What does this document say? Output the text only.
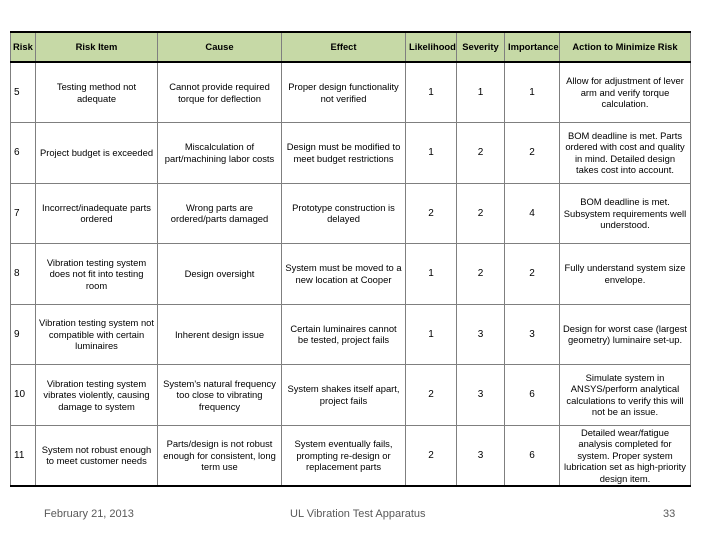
Risk	Risk Item	Cause	Effect	Likelihood	Severity	Importance	Action to Minimize Risk
5	Testing method not adequate	Cannot provide required torque for deflection	Proper design functionality not verified	1	1	1	Allow for adjustment of lever arm and verify torque calculation.
6	Project budget is exceeded	Miscalculation of part/machining labor costs	Design must be modified to meet budget restrictions	1	2	2	BOM deadline is met. Parts ordered with cost and quality in mind. Detailed design takes cost into account.
7	Incorrect/inadequate parts ordered	Wrong parts are ordered/parts damaged	Prototype construction is delayed	2	2	4	BOM deadline is met. Subsystem requirements well understood.
8	Vibration testing system does not fit into testing room	Design oversight	System must be moved to a new location at Cooper	1	2	2	Fully understand system size envelope.
9	Vibration testing system not compatible with certain luminaires	Inherent design issue	Certain luminaires cannot be tested, project fails	1	3	3	Design for worst case (largest geometry) luminaire set-up.
10	Vibration testing system vibrates violently, causing damage to system	System's natural frequency too close to vibrating frequency	System shakes itself apart, project fails	2	3	6	Simulate system in ANSYS/perform analytical calculations to verify this will not be an issue.
11	System not robust enough to meet customer needs	Parts/design is not robust enough for consistent, long term use	System eventually fails, prompting re-design or replacement parts	2	3	6	Detailed wear/fatigue analysis completed for system. Proper system lubrication set as high-priority design item.
February 21, 2013	UL Vibration Test Apparatus	33
